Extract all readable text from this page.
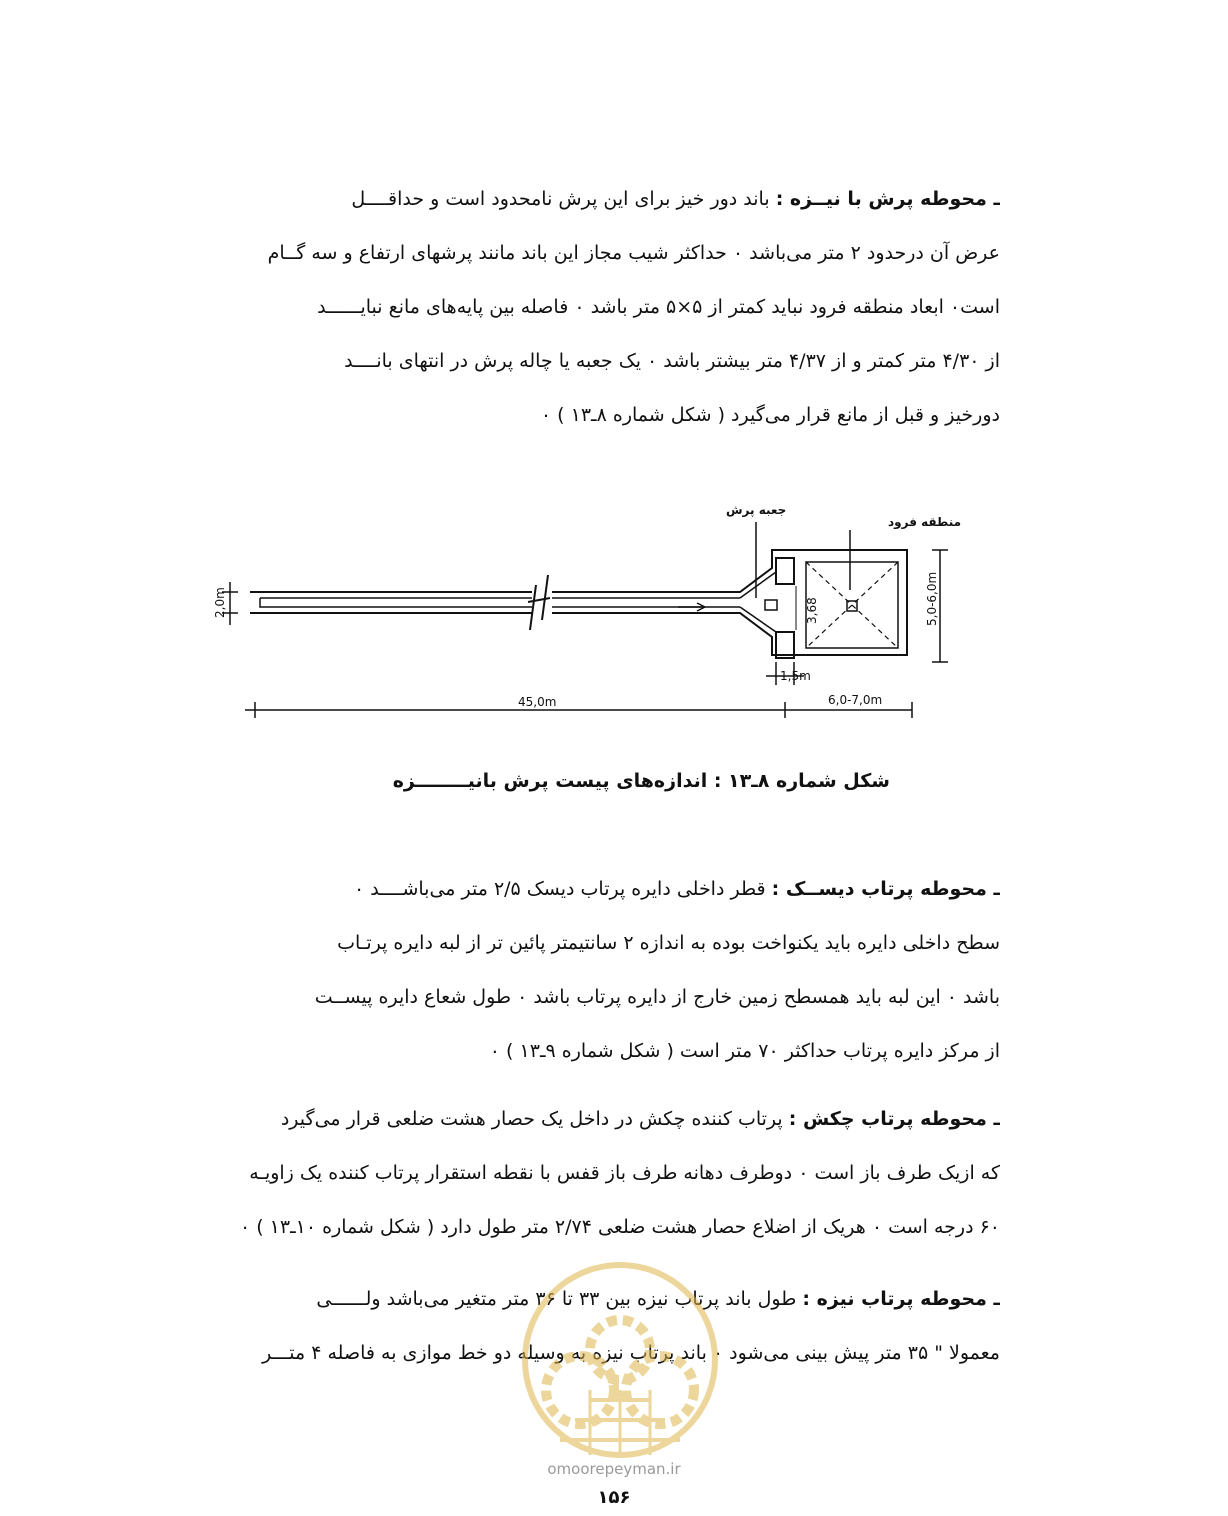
ـ محوطه پرش با نیــزه : باند دور خیز برای این پرش نامحدود است و حداقــــل

عرض آن درحدود ۲ متر می‌باشد ۰ حداکثر شیب مجاز این باند مانند پرشهای ارتفاع و سه گــام

است۰ ابعاد منطقه فرود نباید کمتر از ۵×۵ متر باشد ۰ فاصله بین پایه‌های مانع نبایــــــد

از ۴/۳۰ متر کمتر و از ۴/۳۷ متر بیشتر باشد ۰ یک جعبه یا چاله پرش در انتهای بانــــد

دورخیز و قبل از مانع قرار می‌گیرد ( شکل شماره ۸ـ۱۳ ) ۰

جعبه پرش
منطقه فرود
2,0m	5,0-6,0m
3,68
1,5m
45,0m	6,0-7,0m
شکل شماره ۸ـ۱۳ : اندازه‌های پیست پرش بانیــــــــزه

ـ محوطه پرتاب دیســک : قطر داخلی دایره پرتاب دیسک ۲/۵ متر می‌باشــــد ۰

سطح داخلی دایره باید یکنواخت بوده به اندازه ۲ سانتیمتر پائین تر از لبه دایره پرتـاب

باشد ۰ این لبه باید همسطح زمین خارج از دایره پرتاب باشد ۰ طول شعاع دایره پیســت

از مرکز دایره پرتاب حداکثر ۷۰ متر است ( شکل شماره ۹ـ۱۳ ) ۰

ـ محوطه پرتاب چکش : پرتاب کننده چکش در داخل یک حصار هشت ضلعی قرار می‌گیرد

که ازیک طرف باز است ۰ دوطرف دهانه طرف باز قفس با نقطه استقرار پرتاب کننده یک زاویـه

۶۰ درجه است ۰ هریک از اضلاع حصار هشت ضلعی ۲/۷۴ متر طول دارد ( شکل شماره ۱۰ـ۱۳ ) ۰

ـ محوطه پرتاب نیزه : طول باند پرتاب نیزه بین ۳۳ تا ۳۶ متر متغیر می‌باشد ولــــــی

معمولا " ۳۵ متر پیش بینی می‌شود ۰ باند پرتاب نیزه به وسیله دو خط موازی به فاصله ۴ متـــر

omoorepeyman.ir
۱۵۶
